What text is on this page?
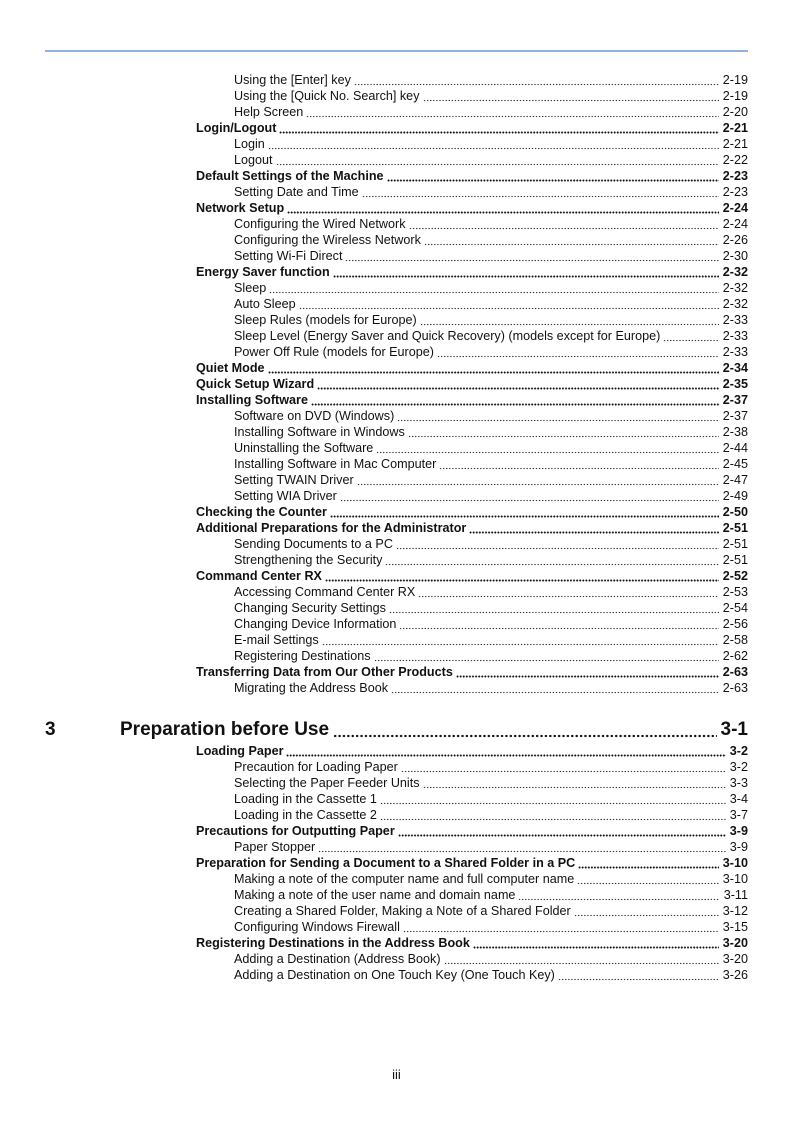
Using the [Enter] key	2-19
Using the [Quick No. Search] key	2-19
Help Screen	2-20
Login/Logout	2-21
Login	2-21
Logout	2-22
Default Settings of the Machine	2-23
Setting Date and Time	2-23
Network Setup	2-24
Configuring the Wired Network	2-24
Configuring the Wireless Network	2-26
Setting Wi-Fi Direct	2-30
Energy Saver function	2-32
Sleep	2-32
Auto Sleep	2-32
Sleep Rules (models for Europe)	2-33
Sleep Level (Energy Saver and Quick Recovery) (models except for Europe)	2-33
Power Off Rule (models for Europe)	2-33
Quiet Mode	2-34
Quick Setup Wizard	2-35
Installing Software	2-37
Software on DVD (Windows)	2-37
Installing Software in Windows	2-38
Uninstalling the Software	2-44
Installing Software in Mac Computer	2-45
Setting TWAIN Driver	2-47
Setting WIA Driver	2-49
Checking the Counter	2-50
Additional Preparations for the Administrator	2-51
Sending Documents to a PC	2-51
Strengthening the Security	2-51
Command Center RX	2-52
Accessing Command Center RX	2-53
Changing Security Settings	2-54
Changing Device Information	2-56
E-mail Settings	2-58
Registering Destinations	2-62
Transferring Data from Our Other Products	2-63
Migrating the Address Book	2-63
3	Preparation before Use	3-1
Loading Paper	3-2
Precaution for Loading Paper	3-2
Selecting the Paper Feeder Units	3-3
Loading in the Cassette 1	3-4
Loading in the Cassette 2	3-7
Precautions for Outputting Paper	3-9
Paper Stopper	3-9
Preparation for Sending a Document to a Shared Folder in a PC	3-10
Making a note of the computer name and full computer name	3-10
Making a note of the user name and domain name	3-11
Creating a Shared Folder, Making a Note of a Shared Folder	3-12
Configuring Windows Firewall	3-15
Registering Destinations in the Address Book	3-20
Adding a Destination (Address Book)	3-20
Adding a Destination on One Touch Key (One Touch Key)	3-26
iii
